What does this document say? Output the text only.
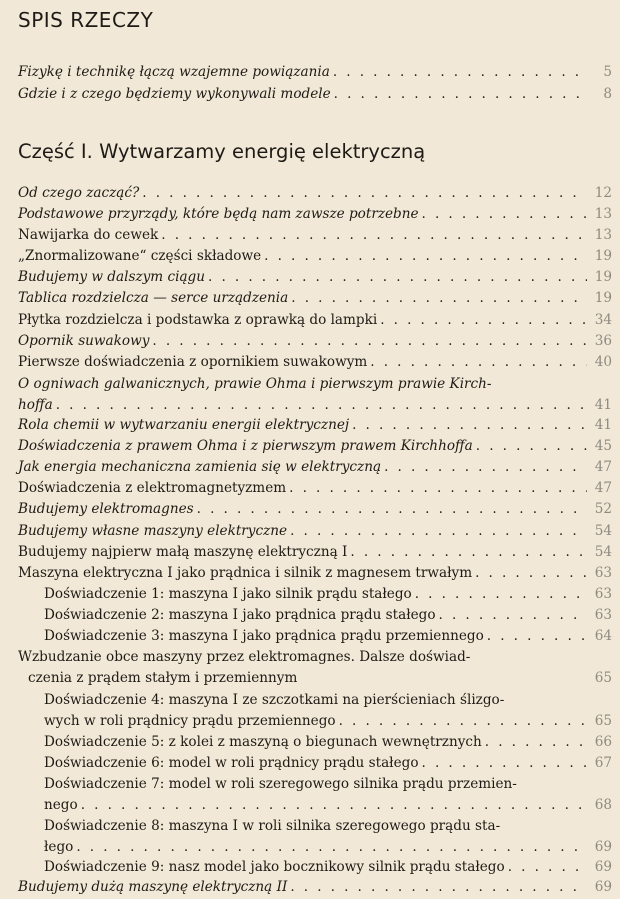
SPIS RZECZY
Fizykę i technikę łączą wzajemne powiązania . . .	5
Gdzie i z czego będziemy wykonywali modele . . .	8
Część I. Wytwarzamy energię elektryczną
Od czego zacząć? . . .	12
Podstawowe przyrządy, które będą nam zawsze potrzebne . . .	13
Nawijarka do cewek . . .	13
„Znormalizowane“ części składowe . . .	19
Budujemy w dalszym ciągu . . .	19
Tablica rozdzielcza — serce urządzenia . . .	19
Płytka rozdzielcza i podstawka z oprawką do lampki . . .	34
Opornik suwakowy . . .	36
Pierwsze doświadczenia z opornikiem suwakowym . . .	40
O ogniwach galwanicznych, prawie Ohma i pierwszym prawie Kirch-
hoffa . . .	41
Rola chemii w wytwarzaniu energii elektrycznej . . .	41
Doświadczenia z prawem Ohma i z pierwszym prawem Kirchhoffa . . .	45
Jak energia mechaniczna zamienia się w elektryczną . . .	47
Doświadczenia z elektromagnetyzmem . . .	47
Budujemy elektromagnes . . .	52
Budujemy własne maszyny elektryczne . . .	54
Budujemy najpierw małą maszynę elektryczną I . . .	54
Maszyna elektryczna I jako prądnica i silnik z magnesem trwałym . . .	63
Doświadczenie 1: maszyna I jako silnik prądu stałego . . .	63
Doświadczenie 2: maszyna I jako prądnica prądu stałego . . .	63
Doświadczenie 3: maszyna I jako prądnica prądu przemiennego . . .	64
Wzbudzanie obce maszyny przez elektromagnes. Dalsze doświad-
czenia z prądem stałym i przemiennym	65
Doświadczenie 4: maszyna I ze szczotkami na pierścieniach ślizgo-
wych w roli prądnicy prądu przemiennego . . .	65
Doświadczenie 5: z kolei z maszyną o biegunach wewnętrznych . . .	66
Doświadczenie 6: model w roli prądnicy prądu stałego . . .	67
Doświadczenie 7: model w roli szeregowego silnika prądu przemien-
nego . . .	68
Doświadczenie 8: maszyna I w roli silnika szeregowego prądu sta-
łego . . .	69
Doświadczenie 9: nasz model jako bocznikowy silnik prądu stałego . . .	69
Budujemy dużą maszynę elektryczną II . . .	69
